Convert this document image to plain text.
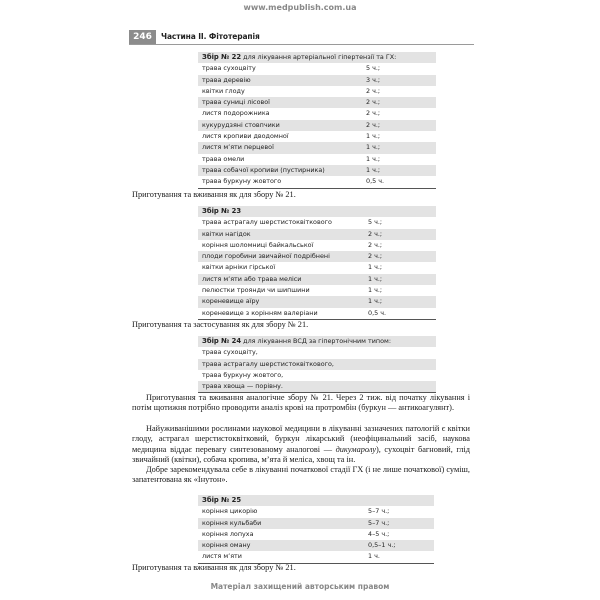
www.medpublish.com.ua
246	Частина II. Фітотерапія
Збір № 22 для лікування артеріальної гіпертензії та ГХ:
трава сухоцвіту	5 ч.;
трава деревію	3 ч.;
квітки глоду	2 ч.;
трава суниці лісової	2 ч.;
листя подорожника	2 ч.;
кукурудзяні стовпчики	2 ч.;
листя кропиви дводомної	1 ч.;
листя м’яти перцевої	1 ч.;
трава омели	1 ч.;
трава собачої кропиви (пустирника)	1 ч.;
трава буркуну жовтого	0,5 ч.
Приготування та вживання як для збору № 21.
Збір № 23
трава астрагалу шерстистоквіткового	5 ч.;
квітки нагідок	2 ч.;
коріння шоломниці байкальської	2 ч.;
плоди горобини звичайної подрібнені	2 ч.;
квітки арніки гірської	1 ч.;
листя м’яти або трава меліси	1 ч.;
пелюстки троянди чи шипшини	1 ч.;
кореневище аїру	1 ч.;
кореневище з корінням валеріани	0,5 ч.
Приготування та застосування як для збору № 21.
Збір № 24 для лікування ВСД за гіпертонічним типом:
трава сухоцвіту,
трава астрагалу шерстистоквіткового,
трава буркуну жовтого,
трава хвоща — порівну.
Приготування та вживання аналогічне збору № 21. Через 2 тиж. від початку лікування і потім щотижня потрібно проводити аналіз крові на протромбін (буркун — антикоагулянт).
Найуживанішими рослинами наукової медицини в лікуванні зазначених патологій є квітки глоду, астрагал шерстистоквітковий, буркун лікарський (неофіцинальний засіб, наукова медицина віддає перевагу синтезованому аналогові — дикумаролу), сухоцвіт багновий, глід звичайний (квітки), собача кропива, м’ята й меліса, хвощ та ін.
Добре зарекомендувала себе в лікуванні початкової стадії ГХ (і не лише початкової) суміш, запатентована як «Інутон».
Збір № 25
коріння цикорію	5–7 ч.;
коріння кульбаби	5–7 ч.;
коріння лопуха	4–5 ч.;
коріння оману	0,5–1 ч.;
листя м’яти	1 ч.
Приготування та вживання як для збору № 21.
Матеріал захищений авторським правом
